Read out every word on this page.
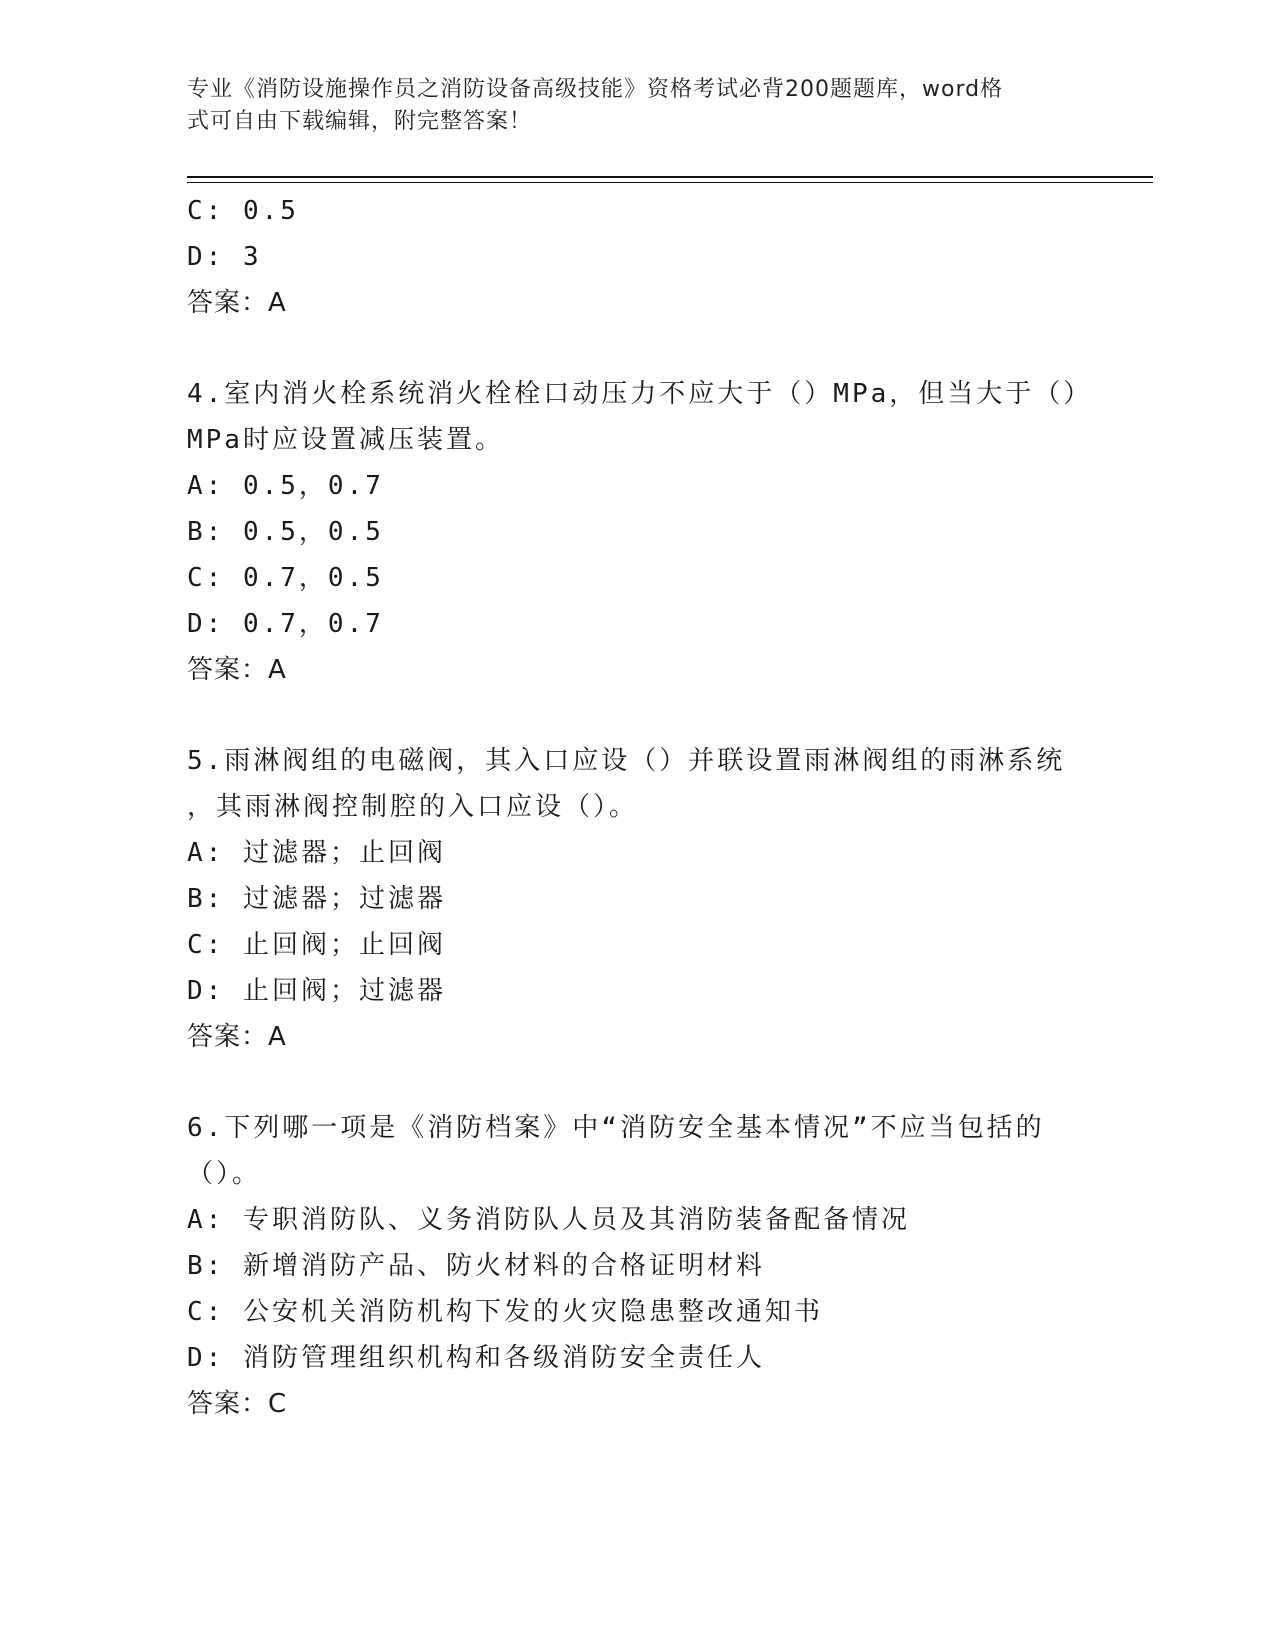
专业《消防设施操作员之消防设备高级技能》资格考试必背200题题库，word格
式可自由下载编辑，附完整答案！
C: 0.5
D: 3
答案：A
4.室内消火栓系统消火栓栓口动压力不应大于（）MPa，但当大于（）
MPa时应设置减压装置。
A: 0.5，0.7
B: 0.5，0.5
C: 0.7，0.5
D: 0.7，0.7
答案：A
5.雨淋阀组的电磁阀，其入口应设（）并联设置雨淋阀组的雨淋系统
，其雨淋阀控制腔的入口应设（）。
A: 过滤器；止回阀
B: 过滤器；过滤器
C: 止回阀；止回阀
D: 止回阀；过滤器
答案：A
6.下列哪一项是《消防档案》中“消防安全基本情况”不应当包括的
（）。
A: 专职消防队、义务消防队人员及其消防装备配备情况
B: 新增消防产品、防火材料的合格证明材料
C: 公安机关消防机构下发的火灾隐患整改通知书
D: 消防管理组织机构和各级消防安全责任人
答案：C
